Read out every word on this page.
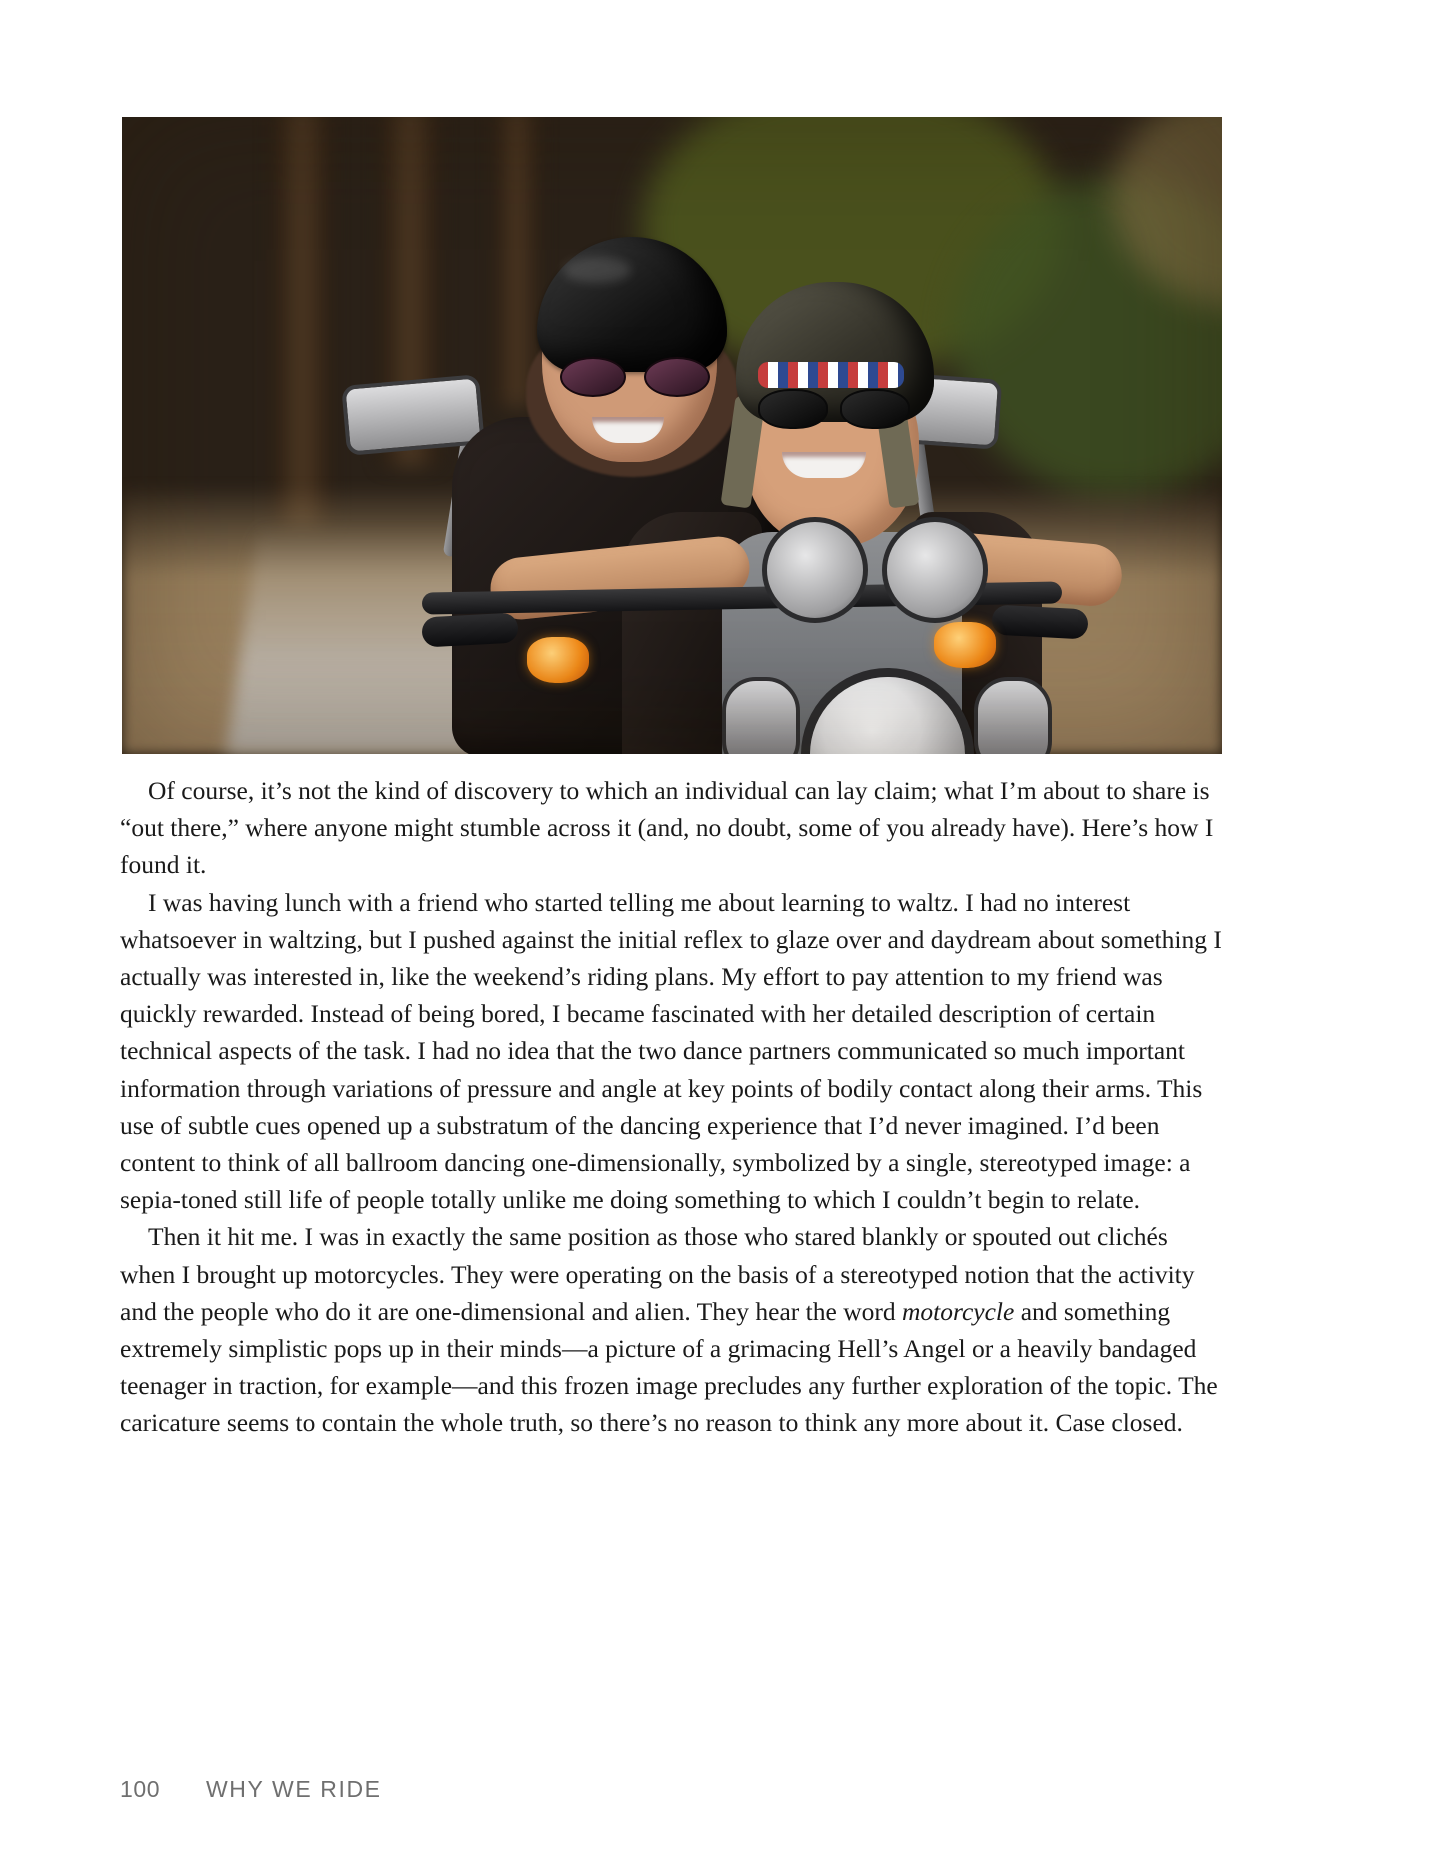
Of course, it’s not the kind of discovery to which an individual can lay claim; what I’m about to share is “out there,” where anyone might stumble across it (and, no doubt, some of you already have). Here’s how I found it.

I was having lunch with a friend who started telling me about learning to waltz. I had no interest whatsoever in waltzing, but I pushed against the initial reflex to glaze over and daydream about something I actually was interested in, like the weekend’s riding plans. My effort to pay attention to my friend was quickly rewarded. Instead of being bored, I became fascinated with her detailed description of certain technical aspects of the task. I had no idea that the two dance partners communicated so much important information through variations of pressure and angle at key points of bodily contact along their arms. This use of subtle cues opened up a substratum of the dancing experience that I’d never imagined. I’d been content to think of all ballroom dancing one-dimensionally, symbolized by a single, stereotyped image: a sepia-toned still life of people totally unlike me doing something to which I couldn’t begin to relate.

Then it hit me. I was in exactly the same position as those who stared blankly or spouted out clichés when I brought up motorcycles. They were operating on the basis of a stereotyped notion that the activity and the people who do it are one-dimensional and alien. They hear the word motorcycle and something extremely simplistic pops up in their minds—a picture of a grimacing Hell’s Angel or a heavily bandaged teenager in traction, for example—and this frozen image precludes any further exploration of the topic. The caricature seems to contain the whole truth, so there’s no reason to think any more about it. Case closed.

100	WHY WE RIDE
